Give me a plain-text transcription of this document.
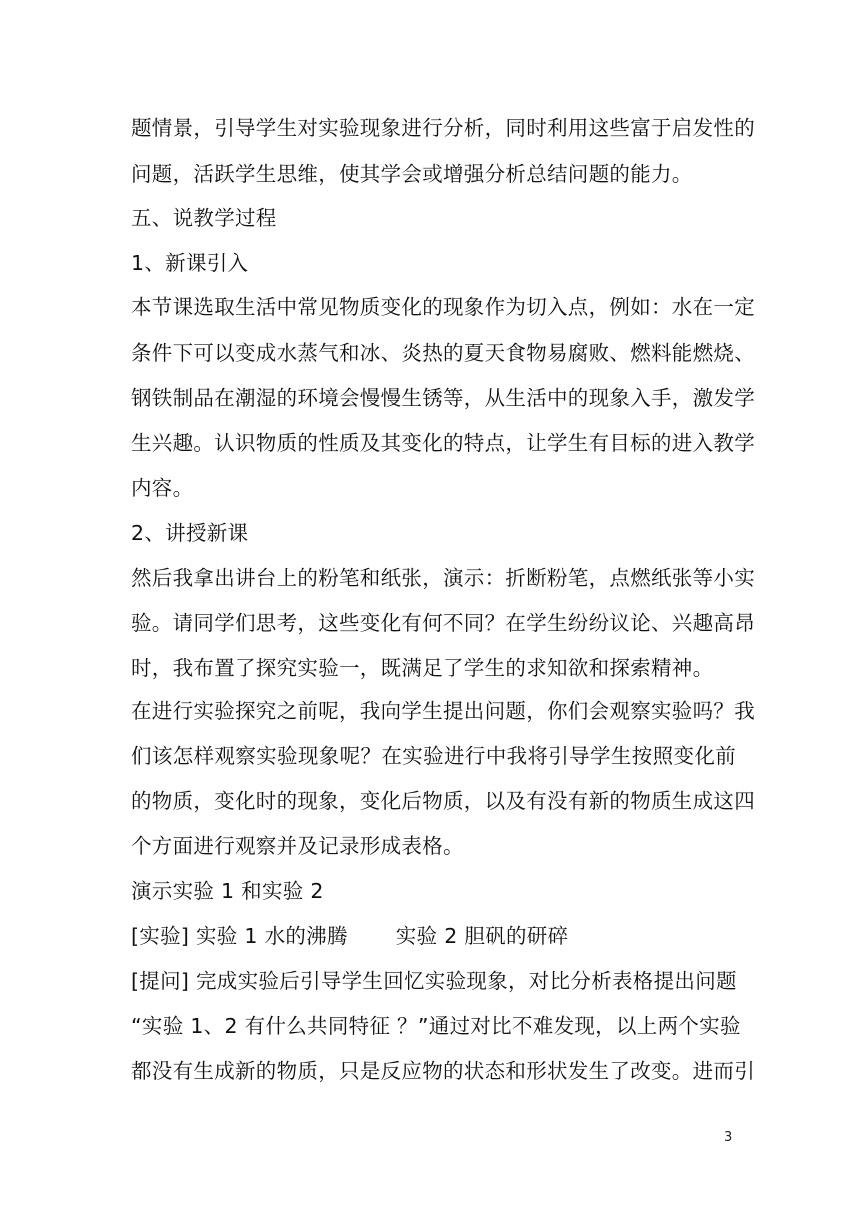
题情景，引导学生对实验现象进行分析，同时利用这些富于启发性的
问题，活跃学生思维，使其学会或增强分析总结问题的能力。
五、说教学过程
1、新课引入
本节课选取生活中常见物质变化的现象作为切入点，例如：水在一定
条件下可以变成水蒸气和冰、炎热的夏天食物易腐败、燃料能燃烧、
钢铁制品在潮湿的环境会慢慢生锈等，从生活中的现象入手，激发学
生兴趣。认识物质的性质及其变化的特点，让学生有目标的进入教学
内容。
2、讲授新课
然后我拿出讲台上的粉笔和纸张，演示：折断粉笔，点燃纸张等小实
验。请同学们思考，这些变化有何不同？在学生纷纷议论、兴趣高昂
时，我布置了探究实验一，既满足了学生的求知欲和探索精神。
在进行实验探究之前呢，我向学生提出问题，你们会观察实验吗？我
们该怎样观察实验现象呢？在实验进行中我将引导学生按照变化前
的物质，变化时的现象，变化后物质，以及有没有新的物质生成这四
个方面进行观察并及记录形成表格。
演示实验 1 和实验 2
[实验] 实验 1 水的沸腾 实验 2 胆矾的研碎
[提问] 完成实验后引导学生回忆实验现象，对比分析表格提出问题
“实验 1、2 有什么共同特征 ？”通过对比不难发现，以上两个实验
都没有生成新的物质，只是反应物的状态和形状发生了改变。进而引
3
